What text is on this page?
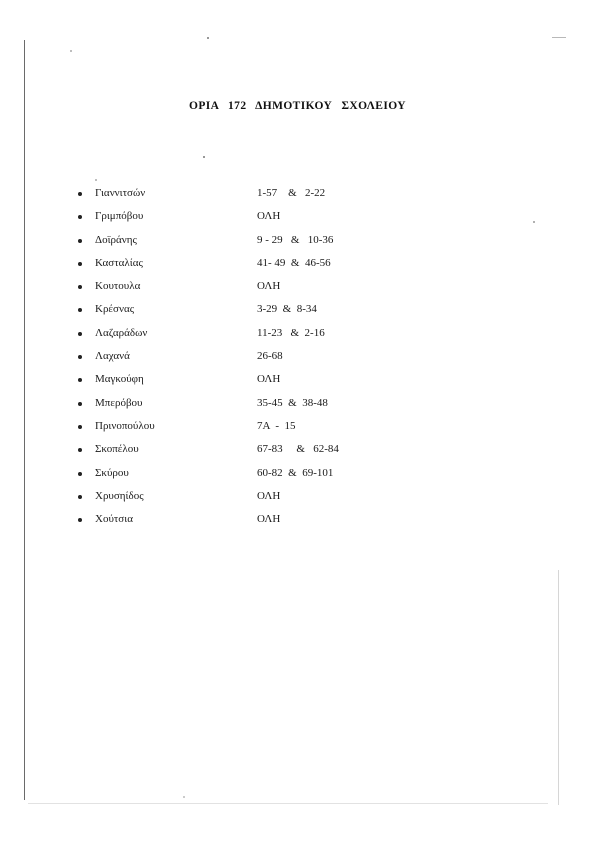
ΟΡΙΑ 172 ΔΗΜΟΤΙΚΟΥ ΣΧΟΛΕΙΟΥ
Γιαννιτσών	1-57    &   2-22
Γριμπόβου	ΟΛΗ
Δοϊράνης	9 - 29   &   10-36
Κασταλίας	41- 49  &  46-56
Κουτουλα	ΟΛΗ
Κρέσνας	3-29  &  8-34
Λαζαράδων	11-23   &  2-16
Λαχανά	26-68
Μαγκούφη	ΟΛΗ
Μπερόβου	35-45  &  38-48
Πρινοπούλου	7Α  -  15
Σκοπέλου	67-83     &   62-84
Σκύρου	60-82  &  69-101
Χρυσηίδος	ΟΛΗ
Χούτσια	ΟΛΗ
